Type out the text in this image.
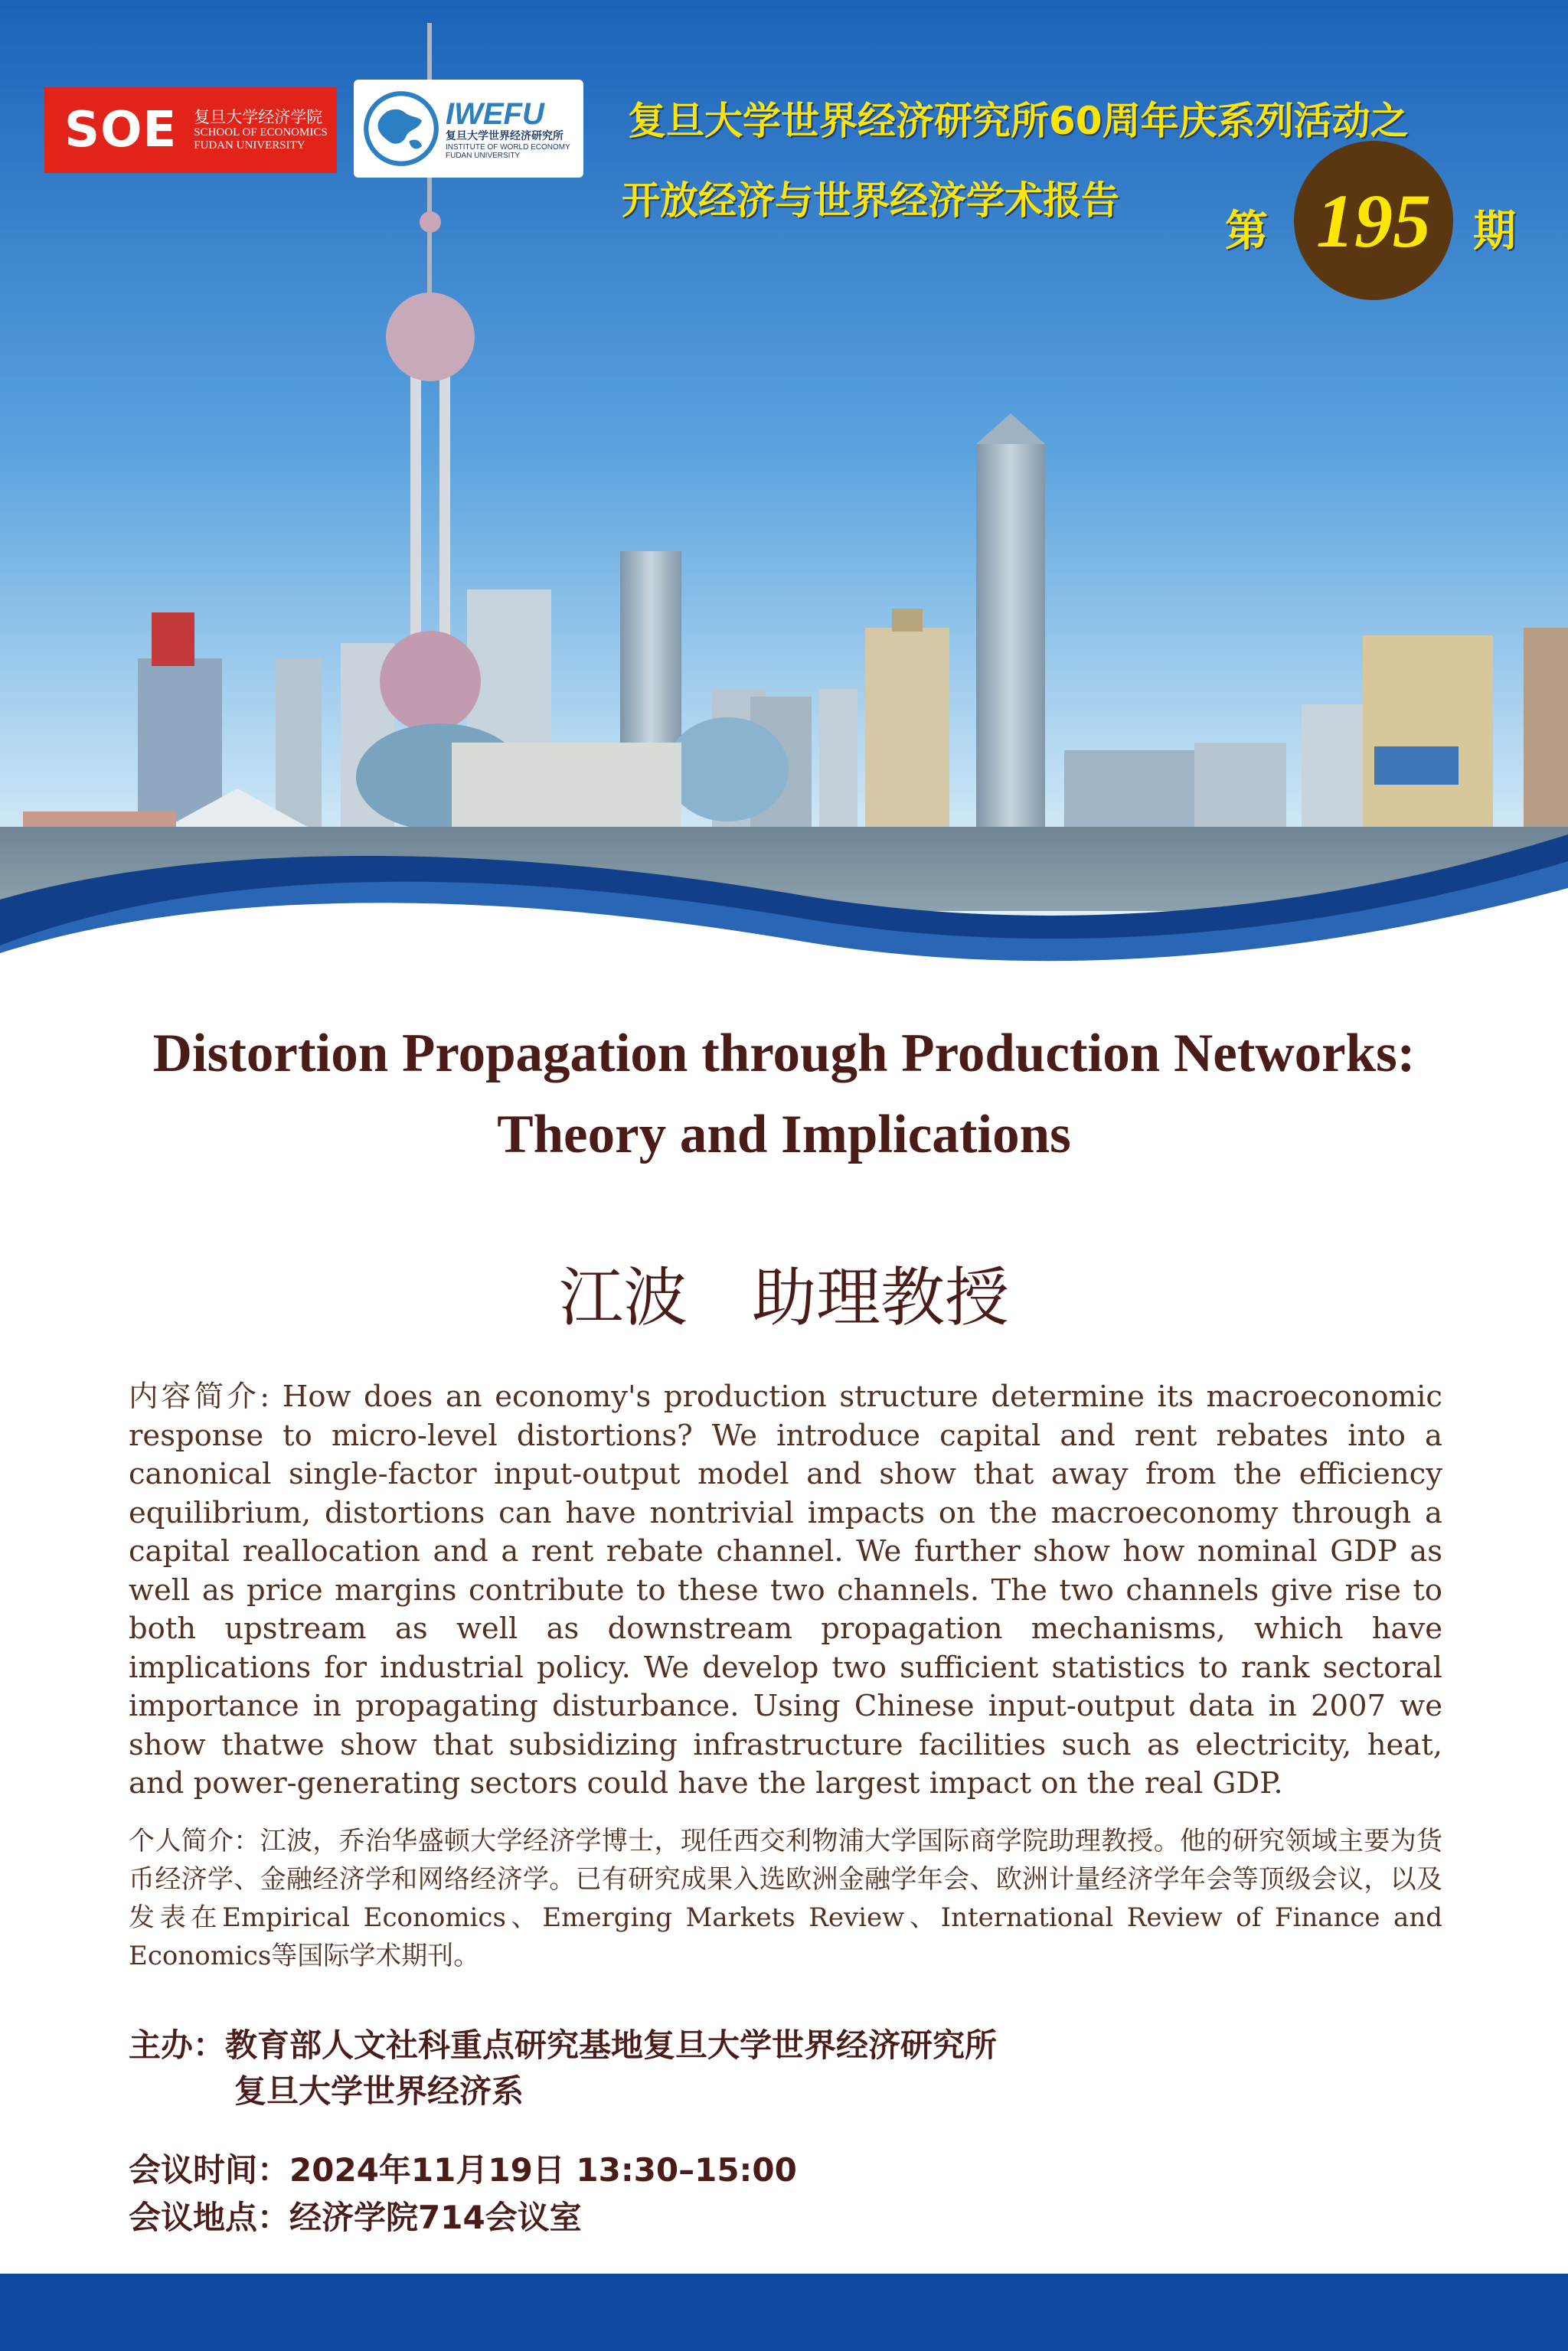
SOE 复旦大学经济学院
SCHOOL OF ECONOMICS
FUDAN UNIVERSITY
IWEFU
复旦大学世界经济研究所
INSTITUTE OF WORLD ECONOMY
FUDAN UNIVERSITY
复旦大学世界经济研究所60周年庆系列活动之
开放经济与世界经济学术报告
第 195 期
Distortion Propagation through Production Networks:
Theory and Implications
江波　助理教授
内容简介: How does an economy's production structure determine its macroeconomic response to micro-level distortions? We introduce capital and rent rebates into a canonical single-factor input-output model and show that away from the efficiency equilibrium, distortions can have nontrivial impacts on the macroeconomy through a capital reallocation and a rent rebate channel. We further show how nominal GDP as well as price margins contribute to these two channels. The two channels give rise to both upstream as well as downstream propagation mechanisms, which have implications for industrial policy. We develop two sufficient statistics to rank sectoral importance in propagating disturbance. Using Chinese input-output data in 2007 we show thatwe show that subsidizing infrastructure facilities such as electricity, heat, and power-generating sectors could have the largest impact on the real GDP.
个人简介：江波，乔治华盛顿大学经济学博士，现任西交利物浦大学国际商学院助理教授。他的研究领域主要为货币经济学、金融经济学和网络经济学。已有研究成果入选欧洲金融学年会、欧洲计量经济学年会等顶级会议，以及发表在Empirical Economics、Emerging Markets Review、International Review of Finance and Economics等国际学术期刊。
主办：教育部人文社科重点研究基地复旦大学世界经济研究所
复旦大学世界经济系
会议时间：2024年11月19日 13:30–15:00
会议地点：经济学院714会议室
